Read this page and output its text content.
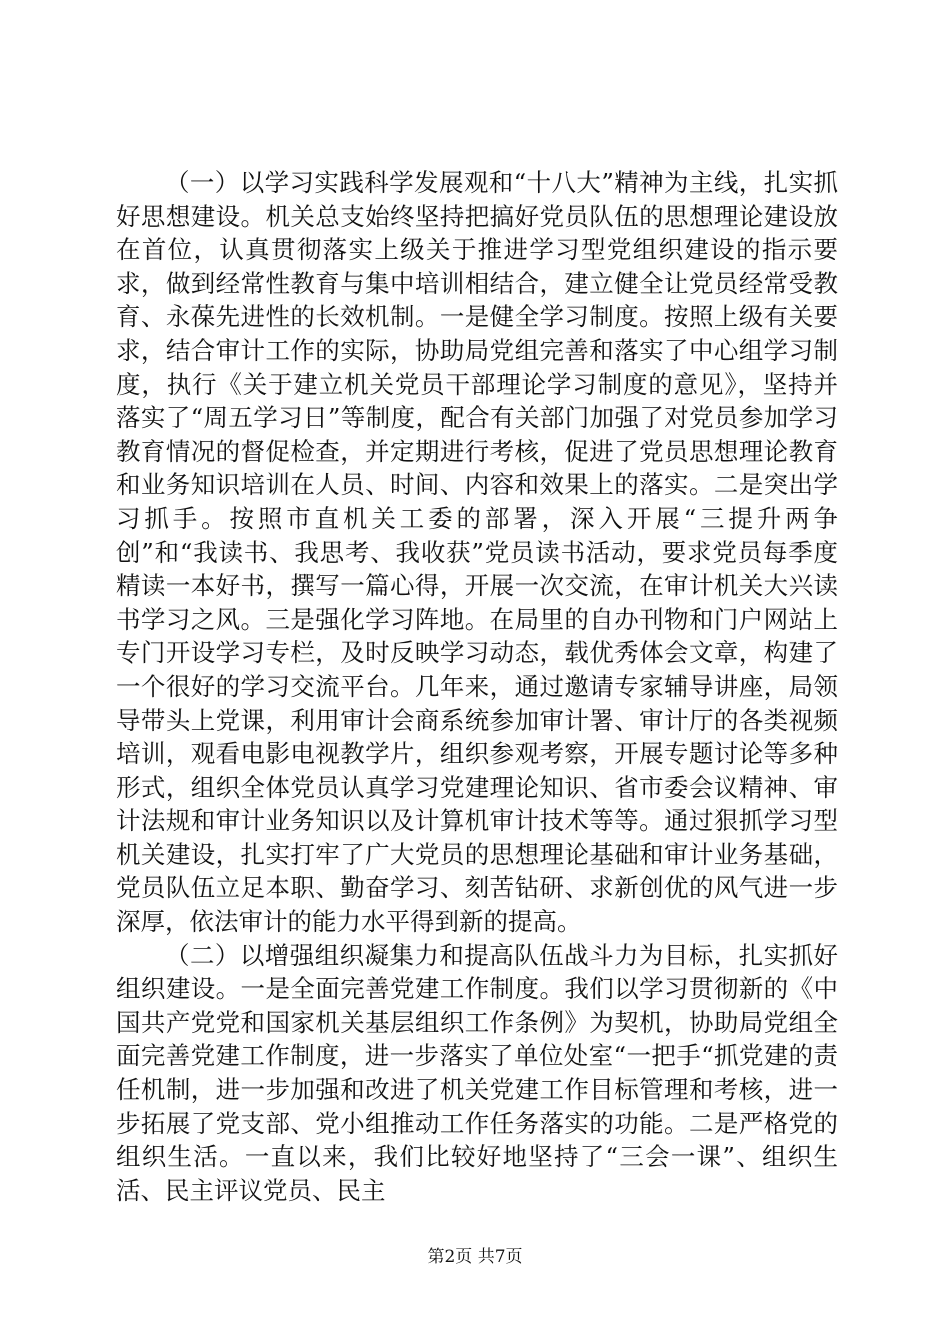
（一）以学习实践科学发展观和“十八大”精神为主线，扎实抓好思想建设。机关总支始终坚持把搞好党员队伍的思想理论建设放在首位，认真贯彻落实上级关于推进学习型党组织建设的指示要求，做到经常性教育与集中培训相结合，建立健全让党员经常受教育、永葆先进性的长效机制。一是健全学习制度。按照上级有关要求，结合审计工作的实际，协助局党组完善和落实了中心组学习制度，执行《关于建立机关党员干部理论学习制度的意见》，坚持并落实了“周五学习日”等制度，配合有关部门加强了对党员参加学习教育情况的督促检查，并定期进行考核，促进了党员思想理论教育和业务知识培训在人员、时间、内容和效果上的落实。二是突出学习抓手。按照市直机关工委的部署，深入开展“三提升两争创”和“我读书、我思考、我收获”党员读书活动，要求党员每季度精读一本好书，撰写一篇心得，开展一次交流，在审计机关大兴读书学习之风。三是强化学习阵地。在局里的自办刊物和门户网站上专门开设学习专栏，及时反映学习动态，载优秀体会文章，构建了一个很好的学习交流平台。几年来，通过邀请专家辅导讲座，局领导带头上党课，利用审计会商系统参加审计署、审计厅的各类视频培训，观看电影电视教学片，组织参观考察，开展专题讨论等多种形式，组织全体党员认真学习党建理论知识、省市委会议精神、审计法规和审计业务知识以及计算机审计技术等等。通过狠抓学习型机关建设，扎实打牢了广大党员的思想理论基础和审计业务基础，党员队伍立足本职、勤奋学习、刻苦钻研、求新创优的风气进一步深厚，依法审计的能力水平得到新的提高。

（二）以增强组织凝集力和提高队伍战斗力为目标，扎实抓好组织建设。一是全面完善党建工作制度。我们以学习贯彻新的《中国共产党党和国家机关基层组织工作条例》为契机，协助局党组全面完善党建工作制度，进一步落实了单位处室“一把手“抓党建的责任机制，进一步加强和改进了机关党建工作目标管理和考核，进一步拓展了党支部、党小组推动工作任务落实的功能。二是严格党的组织生活。一直以来，我们比较好地坚持了“三会一课”、组织生活、民主评议党员、民主

第2页 共7页
